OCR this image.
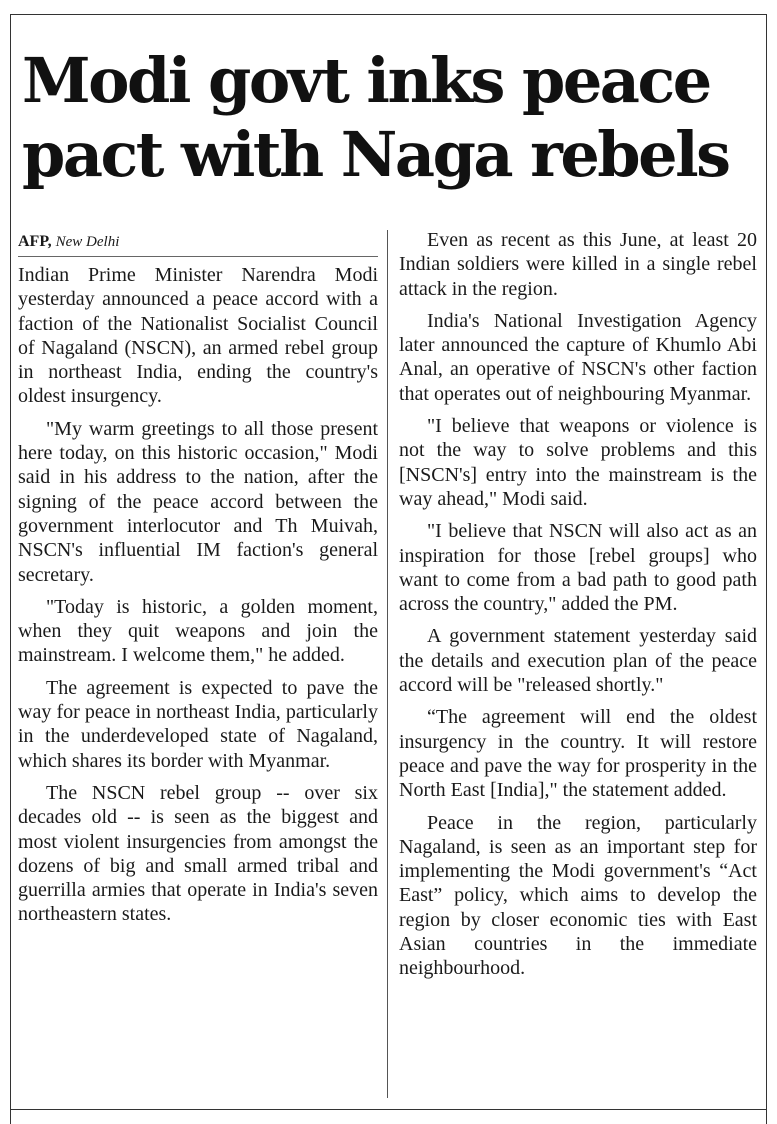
Modi govt inks peace pact with Naga rebels
AFP, New Delhi

Indian Prime Minister Narendra Modi yesterday announced a peace accord with a faction of the Nationalist Socialist Council of Nagaland (NSCN), an armed rebel group in northeast India, ending the country's oldest insurgency.

"My warm greetings to all those present here today, on this historic occasion," Modi said in his address to the nation, after the signing of the peace accord between the government interlocutor and Th Muivah, NSCN's influential IM faction's general secretary.

"Today is historic, a golden moment, when they quit weapons and join the mainstream. I welcome them," he added.

The agreement is expected to pave the way for peace in northeast India, particularly in the underdeveloped state of Nagaland, which shares its border with Myanmar.

The NSCN rebel group -- over six decades old -- is seen as the biggest and most violent insurgencies from amongst the dozens of big and small armed tribal and guerrilla armies that operate in India's seven northeastern states.

Even as recent as this June, at least 20 Indian soldiers were killed in a single rebel attack in the region.

India's National Investigation Agency later announced the capture of Khumlo Abi Anal, an operative of NSCN's other faction that operates out of neighbouring Myanmar.

"I believe that weapons or violence is not the way to solve problems and this [NSCN's] entry into the mainstream is the way ahead," Modi said.

"I believe that NSCN will also act as an inspiration for those [rebel groups] who want to come from a bad path to good path across the country," added the PM.

A government statement yesterday said the details and execution plan of the peace accord will be "released shortly."

“The agreement will end the oldest insurgency in the country. It will restore peace and pave the way for prosperity in the North East [India]," the statement added.

Peace in the region, particularly Nagaland, is seen as an important step for implementing the Modi government's “Act East” policy, which aims to develop the region by closer economic ties with East Asian countries in the immediate neighbourhood.
